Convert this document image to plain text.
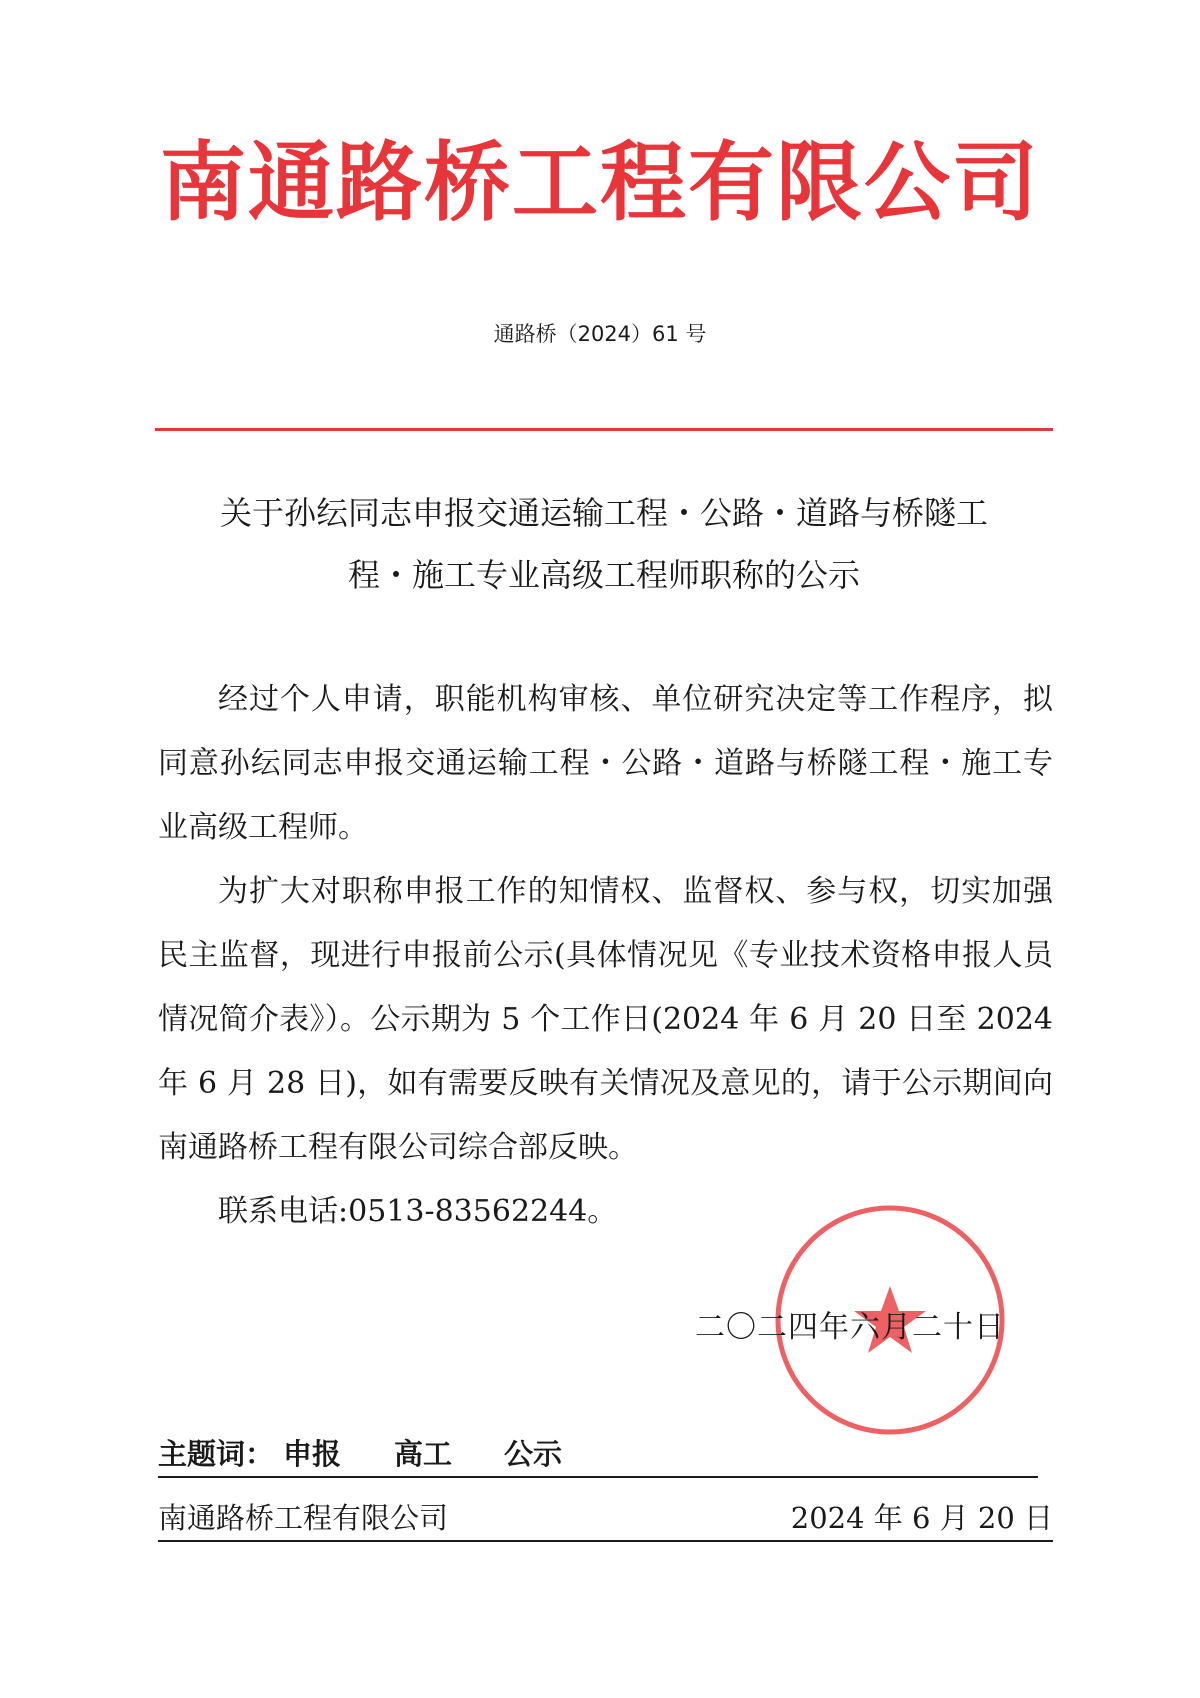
南通路桥工程有限公司
通路桥（2024）61 号
关于孙纭同志申报交通运输工程・公路・道路与桥隧工
程・施工专业高级工程师职称的公示

经过个人申请，职能机构审核、单位研究决定等工作程序，拟同意孙纭同志申报交通运输工程・公路・道路与桥隧工程・施工专业高级工程师。

为扩大对职称申报工作的知情权、监督权、参与权，切实加强民主监督，现进行申报前公示(具体情况见《专业技术资格申报人员情况简介表》）。公示期为 5 个工作日(2024 年 6 月 20 日至 2024 年 6 月 28 日)，如有需要反映有关情况及意见的，请于公示期间向南通路桥工程有限公司综合部反映。

联系电话:0513-83562244。

二〇二四年六月二十日
主题词： 申报 高工 公示
南通路桥工程有限公司	2024 年 6 月 20 日
